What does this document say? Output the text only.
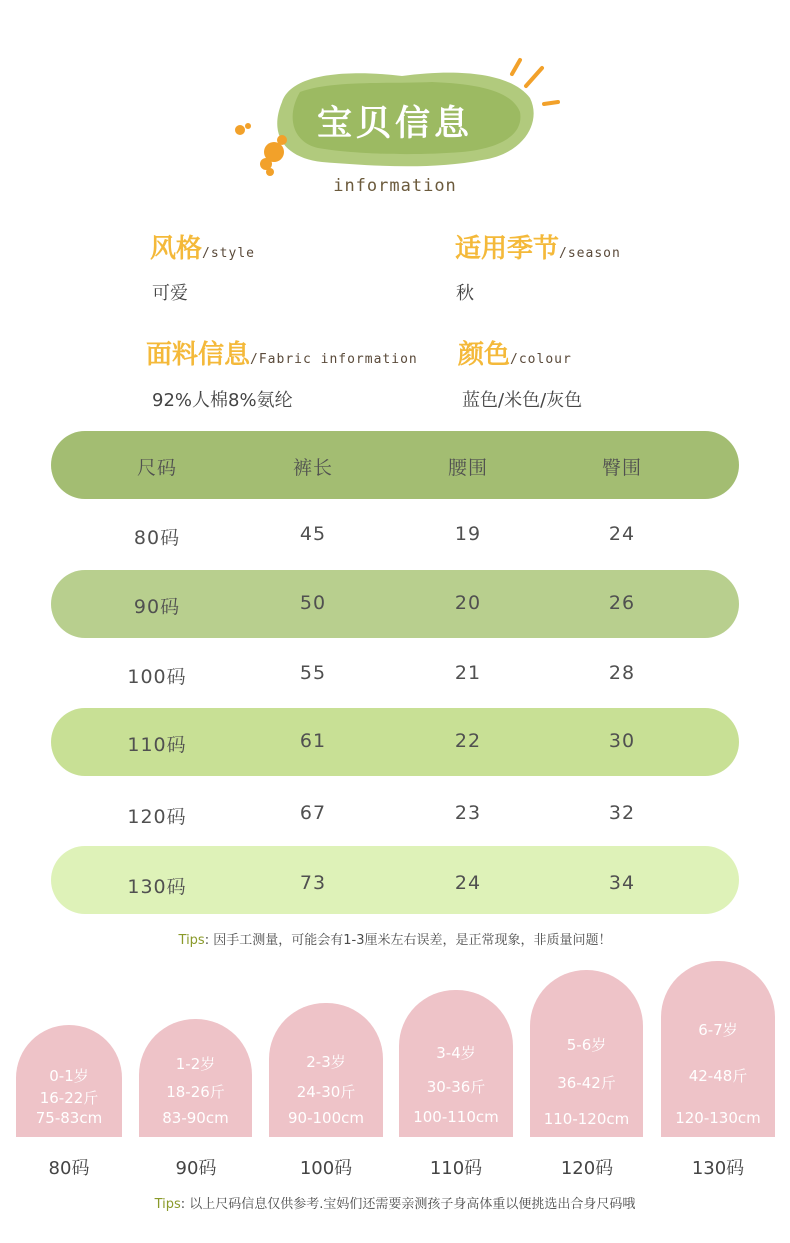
宝贝信息
information
风格/style
可爱
适用季节/season
秋
面料信息/Fabric information
92%人棉8%氨纶
颜色/colour
蓝色/米色/灰色
尺码	裤长	腰围	臀围
80码	45	19	24
90码	50	20	26
100码	55	21	28
110码	61	22	30
120码	67	23	32
130码	73	24	34
Tips: 因手工测量，可能会有1-3厘米左右误差，是正常现象，非质量问题！
0-1岁
16-22斤
75-83cm
80码
1-2岁
18-26斤
83-90cm
90码
2-3岁
24-30斤
90-100cm
100码
3-4岁
30-36斤
100-110cm
110码
5-6岁
36-42斤
110-120cm
120码
6-7岁
42-48斤
120-130cm
130码
Tips: 以上尺码信息仅供参考.宝妈们还需要亲测孩子身高体重以便挑选出合身尺码哦
